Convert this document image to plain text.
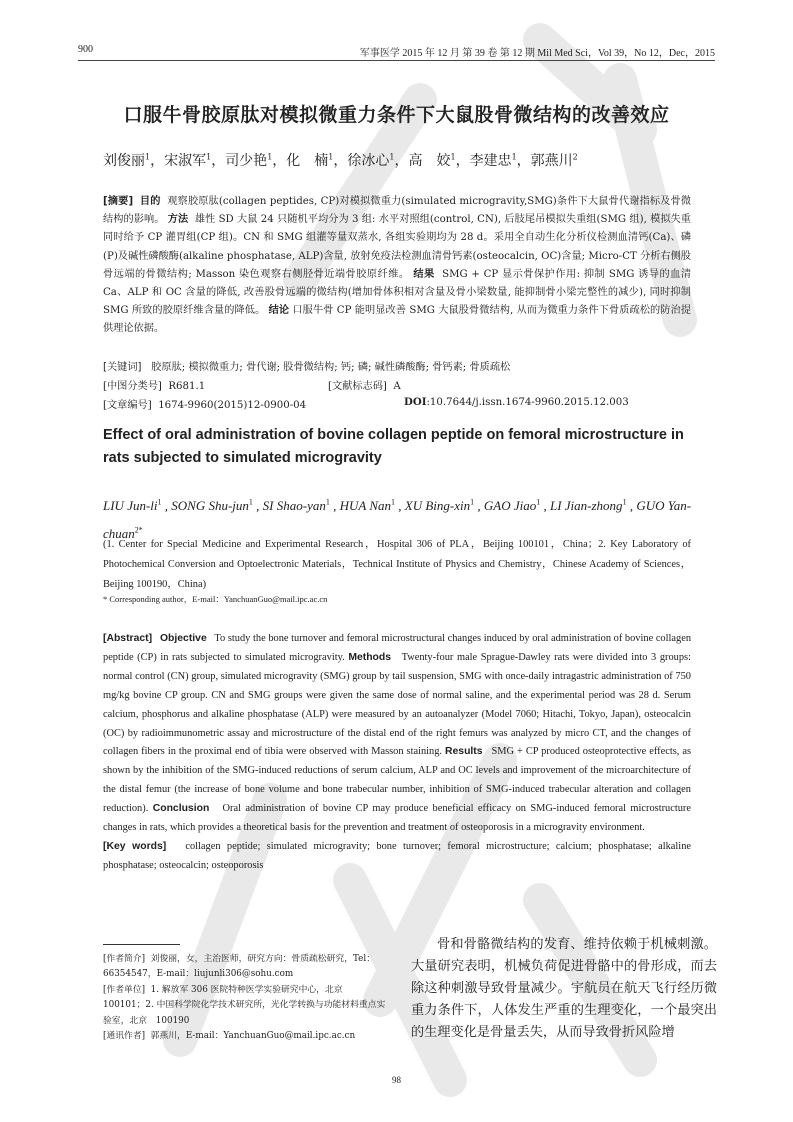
900	军事医学 2015 年 12 月 第 39 卷 第 12 期 Mil Med Sci，Vol 39，No 12，Dec，2015
口服牛骨胶原肽对模拟微重力条件下大鼠股骨微结构的改善效应
刘俊丽$^1$，宋淑军$^1$，司少艳$^1$，化　楠$^1$，徐冰心$^1$，高　姣$^1$，李建忠$^1$，郭燕川$^2$
[摘要] 目的 观察胶原肽(collagen peptides, CP)对模拟微重力(simulated microgravity,SMG)条件下大鼠骨代谢指标及骨微结构的影响。 方法 雄性 SD 大鼠 24 只随机平均分为 3 组: 水平对照组(control, CN), 后肢尾吊模拟失重组(SMG 组), 模拟失重同时给予 CP 灌胃组(CP 组)。CN 和 SMG 组灌等量双蒸水, 各组实验期均为 28 d。采用全自动生化分析仪检测血清钙(Ca)、磷(P)及碱性磷酸酶(alkaline phosphatase, ALP)含量, 放射免疫法检测血清骨钙素(osteocalcin, OC)含量; Micro-CT 分析右侧股骨远端的骨微结构; Masson 染色观察右侧胫骨近端骨胶原纤维。 结果 SMG + CP 显示骨保护作用: 抑制 SMG 诱导的血清 Ca、ALP 和 OC 含量的降低, 改善股骨远端的微结构(增加骨体积相对含量及骨小梁数量, 能抑制骨小梁完整性的减少), 同时抑制 SMG 所致的胶原纤维含量的降低。 结论 口服牛骨 CP 能明显改善 SMG 大鼠股骨微结构, 从而为微重力条件下骨质疏松的防治提供理论依据。
[关键词] 胶原肽; 模拟微重力; 骨代谢; 股骨微结构; 钙; 磷; 碱性磷酸酶; 骨钙素; 骨质疏松
[中图分类号] R681.1	[文献标志码] A
[文章编号] 1674-9960(2015)12-0900-04	DOI:10.7644/j.issn.1674-9960.2015.12.003
Effect of oral administration of bovine collagen peptide on femoral microstructure in rats subjected to simulated microgravity
LIU Jun-$li^1$ , SONG Shu-jun$^1$ , SI Shao-yan$^1$ , HUA Nan$^1$ , XU Bing-xin$^1$ , GAO Jiao$^1$ , LI Jian-zhong$^1$ , GUO Yan-chuan$^{2*}$
(1. Center for Special Medicine and Experimental Research，Hospital 306 of PLA，Beijing 100101，China；2. Key Laboratory of Photochemical Conversion and Optoelectronic Materials，Technical Institute of Physics and Chemistry，Chinese Academy of Sciences，Beijing 100190，China)
* Corresponding author，E-mail：YanchuanGuo@mail.ipc.ac.cn
[Abstract] Objective To study the bone turnover and femoral microstructural changes induced by oral administration of bovine collagen peptide (CP) in rats subjected to simulated microgravity. Methods Twenty-four male Sprague-Dawley rats were divided into 3 groups: normal control (CN) group, simulated microgravity (SMG) group by tail suspension, SMG with once-daily intragastric administration of 750 mg/kg bovine CP group. CN and SMG groups were given the same dose of normal saline, and the experimental period was 28 d. Serum calcium, phosphorus and alkaline phosphatase (ALP) were measured by an autoanalyzer (Model 7060; Hitachi, Tokyo, Japan), osteocalcin (OC) by radioimmunometric assay and microstructure of the distal end of the right femurs was analyzed by micro CT, and the changes of collagen fibers in the proximal end of tibia were observed with Masson staining. Results SMG + CP produced osteoprotective effects, as shown by the inhibition of the SMG-induced reductions of serum calcium, ALP and OC levels and improvement of the microarchitecture of the distal femur (the increase of bone volume and bone trabecular number, inhibition of SMG-induced trabecular alteration and collagen reduction). Conclusion Oral administration of bovine CP may produce beneficial efficacy on SMG-induced femoral microstructure changes in rats, which provides a theoretical basis for the prevention and treatment of osteoporosis in a microgravity environment.
[Key words] collagen peptide; simulated microgravity; bone turnover; femoral microstructure; calcium; phosphatase; alkaline phosphatase; osteocalcin; osteoporosis
[作者简介] 刘俊丽，女，主治医师，研究方向：骨质疏松研究，Tel：66354547，E-mail：liujunli306@sohu.com
[作者单位] 1. 解放军 306 医院特种医学实验研究中心，北京　100101；2. 中国科学院化学技术研究所，光化学转换与功能材料重点实验室，北京　100190
[通讯作者] 郭燕川，E-mail：YanchuanGuo@mail.ipc.ac.cn
骨和骨骼微结构的发育、维持依赖于机械刺激。大量研究表明，机械负荷促进骨骼中的骨形成，而去除这种刺激导致骨量减少。宇航员在航天飞行经历微重力条件下，人体发生严重的生理变化，一个最突出的生理变化是骨量丢失，从而导致骨折风险增
98
